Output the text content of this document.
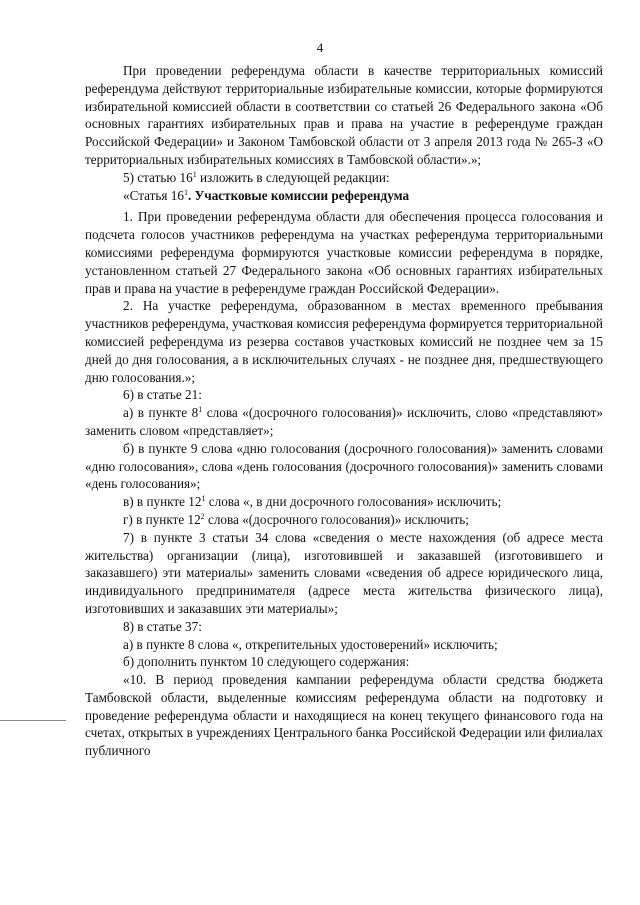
4

При проведении референдума области в качестве территориальных комиссий референдума действуют территориальные избирательные комиссии, которые формируются избирательной комиссией области в соответствии со статьей 26 Федерального закона «Об основных гарантиях избирательных прав и права на участие в референдуме граждан Российской Федерации» и Законом Тамбовской области от 3 апреля 2013 года № 265-З «О территориальных избирательных комиссиях в Тамбовской области».»;

5) статью $16^1$ изложить в следующей редакции:

«Статья $16^1$. Участковые комиссии референдума

1. При проведении референдума области для обеспечения процесса голосования и подсчета голосов участников референдума на участках референдума территориальными комиссиями референдума формируются участковые комиссии референдума в порядке, установленном статьей 27 Федерального закона «Об основных гарантиях избирательных прав и права на участие в референдуме граждан Российской Федерации».

2. На участке референдума, образованном в местах временного пребывания участников референдума, участковая комиссия референдума формируется территориальной комиссией референдума из резерва составов участковых комиссий не позднее чем за 15 дней до дня голосования, а в исключительных случаях - не позднее дня, предшествующего дню голосования.»;

6) в статье 21:

а) в пункте $8^1$ слова «(досрочного голосования)» исключить, слово «представляют» заменить словом «представляет»;

б) в пункте 9 слова «дню голосования (досрочного голосования)» заменить словами «дню голосования», слова «день голосования (досрочного голосования)» заменить словами «день голосования»;

в) в пункте $12^1$ слова «, в дни досрочного голосования» исключить;

г) в пункте $12^2$ слова «(досрочного голосования)» исключить;

7) в пункте 3 статьи 34 слова «сведения о месте нахождения (об адресе места жительства) организации (лица), изготовившей и заказавшей (изготовившего и заказавшего) эти материалы» заменить словами «сведения об адресе юридического лица, индивидуального предпринимателя (адресе места жительства физического лица), изготовивших и заказавших эти материалы»;

8) в статье 37:

а) в пункте 8 слова «, открепительных удостоверений» исключить;

б) дополнить пунктом 10 следующего содержания:

«10. В период проведения кампании референдума области средства бюджета Тамбовской области, выделенные комиссиям референдума области на подготовку и проведение референдума области и находящиеся на конец текущего финансового года на счетах, открытых в учреждениях Центрального банка Российской Федерации или филиалах публичного
